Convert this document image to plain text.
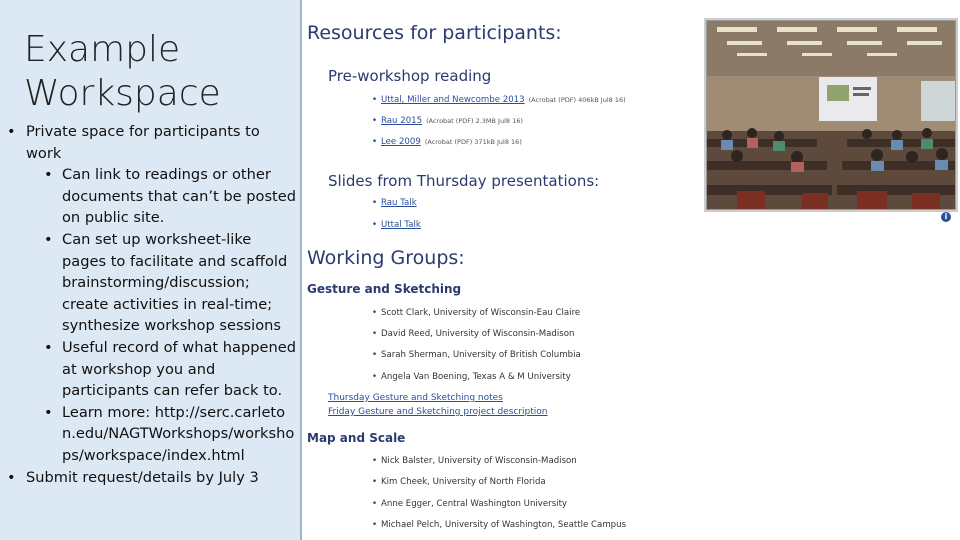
Example
Workspace
• Private space for participants to work
• Can link to readings or other documents that can’t be posted on public site.
• Can set up worksheet-like pages to facilitate and scaffold brainstorming/discussion; create activities in real-time; synthesize workshop sessions
• Useful record of what happened at workshop you and participants can refer back to.
• Learn more: http://serc.carleton.edu/NAGTWorkshops/workshops/workspace/index.html
• Submit request/details by July 3
Resources for participants:
Pre-workshop reading
• Uttal, Miller and Newcombe 2013 (Acrobat (PDF) 406kB Jul8 16)
• Rau 2015 (Acrobat (PDF) 2.3MB Jul8 16)
• Lee 2009 (Acrobat (PDF) 371kB Jul8 16)
Slides from Thursday presentations:
• Rau Talk
• Uttal Talk
Working Groups:
Gesture and Sketching
• Scott Clark, University of Wisconsin-Eau Claire
• David Reed, University of Wisconsin-Madison
• Sarah Sherman, University of British Columbia
• Angela Van Boening, Texas A & M University
Thursday Gesture and Sketching notes
Friday Gesture and Sketching project description
Map and Scale
• Nick Balster, University of Wisconsin-Madison
• Kim Cheek, University of North Florida
• Anne Egger, Central Washington University
• Michael Pelch, University of Washington, Seattle Campus
i
